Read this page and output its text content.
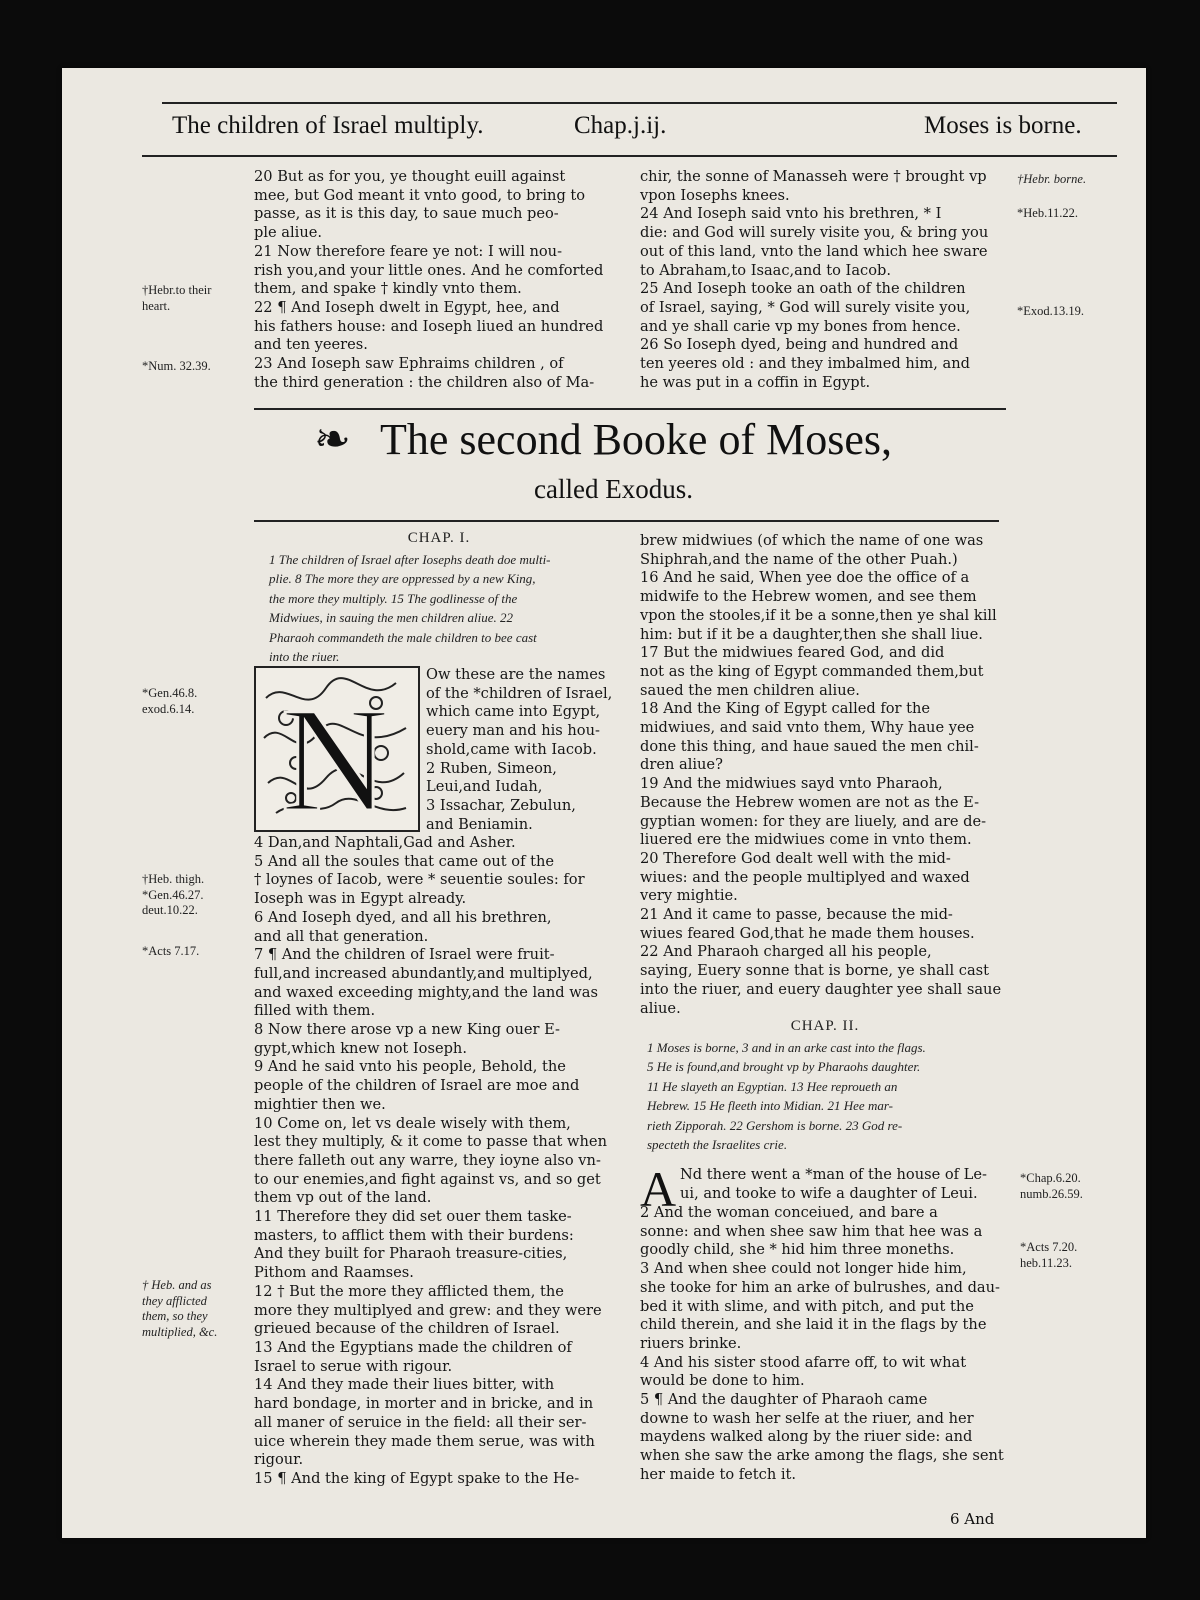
The children of Israel multiply.	Chap.j.ij.	Moses is borne.

20 But as for you, ye thought euill against

mee, but God meant it vnto good, to bring to

passe, as it is this day, to saue much peo-

ple aliue.

21 Now therefore feare ye not: I will nou-

rish you,and your little ones. And he comforted

them, and spake † kindly vnto them.

22 ¶ And Ioseph dwelt in Egypt, hee, and

his fathers house: and Ioseph liued an hundred

and ten yeeres.

23 And Ioseph saw Ephraims children , of

the third generation : the children also of Ma-

chir, the sonne of Manasseh were † brought vp

vpon Iosephs knees.

24 And Ioseph said vnto his brethren, * I

die: and God will surely visite you, & bring you

out of this land, vnto the land which hee sware

to Abraham,to Isaac,and to Iacob.

25 And Ioseph tooke an oath of the children

of Israel, saying, * God will surely visite you,

and ye shall carie vp my bones from hence.

26 So Ioseph dyed, being and hundred and

ten yeeres old : and they imbalmed him, and

he was put in a coffin in Egypt.

†Hebr.to their

heart.

*Num. 32.39.

†Hebr. borne.

*Heb.11.22.

*Exod.13.19.

❧ The second Booke of Moses,
called Exodus.
CHAP. I.

1 The children of Israel after Iosephs death doe multi-

plie. 8 The more they are oppressed by a new King,

the more they multiply. 15 The godlinesse of the

Midwiues, in sauing the men children aliue. 22

Pharaoh commandeth the male children to bee cast

into the riuer.

N

Ow these are the names

of the *children of Israel,

which came into Egypt,

euery man and his hou-

shold,came with Iacob.

2 Ruben, Simeon,

Leui,and Iudah,

3 Issachar, Zebulun,

and Beniamin.

4 Dan,and Naphtali,Gad and Asher.

5 And all the soules that came out of the

† loynes of Iacob, were * seuentie soules: for

Ioseph was in Egypt already.

6 And Ioseph dyed, and all his brethren,

and all that generation.

7 ¶ And the children of Israel were fruit-

full,and increased abundantly,and multiplyed,

and waxed exceeding mighty,and the land was

filled with them.

8 Now there arose vp a new King ouer E-

gypt,which knew not Ioseph.

9 And he said vnto his people, Behold, the

people of the children of Israel are moe and

mightier then we.

10 Come on, let vs deale wisely with them,

lest they multiply, & it come to passe that when

there falleth out any warre, they ioyne also vn-

to our enemies,and fight against vs, and so get

them vp out of the land.

11 Therefore they did set ouer them taske-

masters, to afflict them with their burdens:

And they built for Pharaoh treasure-cities,

Pithom and Raamses.

12 † But the more they afflicted them, the

more they multiplyed and grew: and they were

grieued because of the children of Israel.

13 And the Egyptians made the children of

Israel to serue with rigour.

14 And they made their liues bitter, with

hard bondage, in morter and in bricke, and in

all maner of seruice in the field: all their ser-

uice wherein they made them serue, was with

rigour.

15 ¶ And the king of Egypt spake to the He-

*Gen.46.8.

exod.6.14.

†Heb. thigh.

*Gen.46.27.

deut.10.22.

*Acts 7.17.

† Heb. and as

they afflicted

them, so they

multiplied, &c.

brew midwiues (of which the name of one was

Shiphrah,and the name of the other Puah.)

16 And he said, When yee doe the office of a

midwife to the Hebrew women, and see them

vpon the stooles,if it be a sonne,then ye shal kill

him: but if it be a daughter,then she shall liue.

17 But the midwiues feared God, and did

not as the king of Egypt commanded them,but

saued the men children aliue.

18 And the King of Egypt called for the

midwiues, and said vnto them, Why haue yee

done this thing, and haue saued the men chil-

dren aliue?

19 And the midwiues sayd vnto Pharaoh,

Because the Hebrew women are not as the E-

gyptian women: for they are liuely, and are de-

liuered ere the midwiues come in vnto them.

20 Therefore God dealt well with the mid-

wiues: and the people multiplyed and waxed

very mightie.

21 And it came to passe, because the mid-

wiues feared God,that he made them houses.

22 And Pharaoh charged all his people,

saying, Euery sonne that is borne, ye shall cast

into the riuer, and euery daughter yee shall saue

aliue.

CHAP. II.

1 Moses is borne, 3 and in an arke cast into the flags.

5 He is found,and brought vp by Pharaohs daughter.

11 He slayeth an Egyptian. 13 Hee reproueth an

Hebrew. 15 He fleeth into Midian. 21 Hee mar-

rieth Zipporah. 22 Gershom is borne. 23 God re-

specteth the Israelites crie.

A Nd there went a *man of the house of Le-

ui, and tooke to wife a daughter of Leui.

2 And the woman conceiued, and bare a

sonne: and when shee saw him that hee was a

goodly child, she * hid him three moneths.

3 And when shee could not longer hide him,

she tooke for him an arke of bulrushes, and dau-

bed it with slime, and with pitch, and put the

child therein, and she laid it in the flags by the

riuers brinke.

4 And his sister stood afarre off, to wit what

would be done to him.

5 ¶ And the daughter of Pharaoh came

downe to wash her selfe at the riuer, and her

maydens walked along by the riuer side: and

when she saw the arke among the flags, she sent

her maide to fetch it.

*Chap.6.20.

numb.26.59.

*Acts 7.20.

heb.11.23.

6 And
